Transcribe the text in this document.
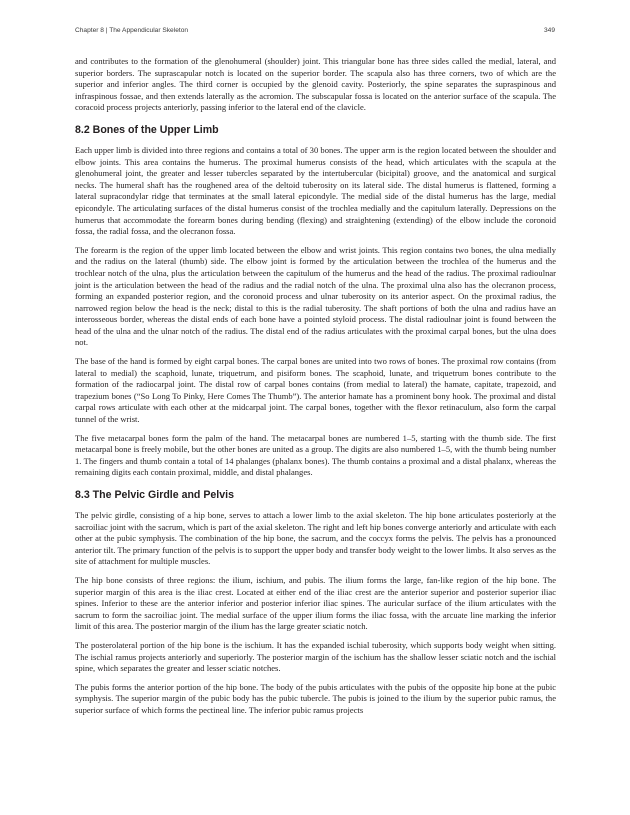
Chapter 8 | The Appendicular Skeleton	349

and contributes to the formation of the glenohumeral (shoulder) joint. This triangular bone has three sides called the medial, lateral, and superior borders. The suprascapular notch is located on the superior border. The scapula also has three corners, two of which are the superior and inferior angles. The third corner is occupied by the glenoid cavity. Posteriorly, the spine separates the supraspinous and infraspinous fossae, and then extends laterally as the acromion. The subscapular fossa is located on the anterior surface of the scapula. The coracoid process projects anteriorly, passing inferior to the lateral end of the clavicle.

8.2 Bones of the Upper Limb

Each upper limb is divided into three regions and contains a total of 30 bones. The upper arm is the region located between the shoulder and elbow joints. This area contains the humerus. The proximal humerus consists of the head, which articulates with the scapula at the glenohumeral joint, the greater and lesser tubercles separated by the intertubercular (bicipital) groove, and the anatomical and surgical necks. The humeral shaft has the roughened area of the deltoid tuberosity on its lateral side. The distal humerus is flattened, forming a lateral supracondylar ridge that terminates at the small lateral epicondyle. The medial side of the distal humerus has the large, medial epicondyle. The articulating surfaces of the distal humerus consist of the trochlea medially and the capitulum laterally. Depressions on the humerus that accommodate the forearm bones during bending (flexing) and straightening (extending) of the elbow include the coronoid fossa, the radial fossa, and the olecranon fossa.

The forearm is the region of the upper limb located between the elbow and wrist joints. This region contains two bones, the ulna medially and the radius on the lateral (thumb) side. The elbow joint is formed by the articulation between the trochlea of the humerus and the trochlear notch of the ulna, plus the articulation between the capitulum of the humerus and the head of the radius. The proximal radioulnar joint is the articulation between the head of the radius and the radial notch of the ulna. The proximal ulna also has the olecranon process, forming an expanded posterior region, and the coronoid process and ulnar tuberosity on its anterior aspect. On the proximal radius, the narrowed region below the head is the neck; distal to this is the radial tuberosity. The shaft portions of both the ulna and radius have an interosseous border, whereas the distal ends of each bone have a pointed styloid process. The distal radioulnar joint is found between the head of the ulna and the ulnar notch of the radius. The distal end of the radius articulates with the proximal carpal bones, but the ulna does not.

The base of the hand is formed by eight carpal bones. The carpal bones are united into two rows of bones. The proximal row contains (from lateral to medial) the scaphoid, lunate, triquetrum, and pisiform bones. The scaphoid, lunate, and triquetrum bones contribute to the formation of the radiocarpal joint. The distal row of carpal bones contains (from medial to lateral) the hamate, capitate, trapezoid, and trapezium bones (“So Long To Pinky, Here Comes The Thumb”). The anterior hamate has a prominent bony hook. The proximal and distal carpal rows articulate with each other at the midcarpal joint. The carpal bones, together with the flexor retinaculum, also form the carpal tunnel of the wrist.

The five metacarpal bones form the palm of the hand. The metacarpal bones are numbered 1–5, starting with the thumb side. The first metacarpal bone is freely mobile, but the other bones are united as a group. The digits are also numbered 1–5, with the thumb being number 1. The fingers and thumb contain a total of 14 phalanges (phalanx bones). The thumb contains a proximal and a distal phalanx, whereas the remaining digits each contain proximal, middle, and distal phalanges.

8.3 The Pelvic Girdle and Pelvis

The pelvic girdle, consisting of a hip bone, serves to attach a lower limb to the axial skeleton. The hip bone articulates posteriorly at the sacroiliac joint with the sacrum, which is part of the axial skeleton. The right and left hip bones converge anteriorly and articulate with each other at the pubic symphysis. The combination of the hip bone, the sacrum, and the coccyx forms the pelvis. The pelvis has a pronounced anterior tilt. The primary function of the pelvis is to support the upper body and transfer body weight to the lower limbs. It also serves as the site of attachment for multiple muscles.

The hip bone consists of three regions: the ilium, ischium, and pubis. The ilium forms the large, fan-like region of the hip bone. The superior margin of this area is the iliac crest. Located at either end of the iliac crest are the anterior superior and posterior superior iliac spines. Inferior to these are the anterior inferior and posterior inferior iliac spines. The auricular surface of the ilium articulates with the sacrum to form the sacroiliac joint. The medial surface of the upper ilium forms the iliac fossa, with the arcuate line marking the inferior limit of this area. The posterior margin of the ilium has the large greater sciatic notch.

The posterolateral portion of the hip bone is the ischium. It has the expanded ischial tuberosity, which supports body weight when sitting. The ischial ramus projects anteriorly and superiorly. The posterior margin of the ischium has the shallow lesser sciatic notch and the ischial spine, which separates the greater and lesser sciatic notches.

The pubis forms the anterior portion of the hip bone. The body of the pubis articulates with the pubis of the opposite hip bone at the pubic symphysis. The superior margin of the pubic body has the pubic tubercle. The pubis is joined to the ilium by the superior pubic ramus, the superior surface of which forms the pectineal line. The inferior pubic ramus projects
